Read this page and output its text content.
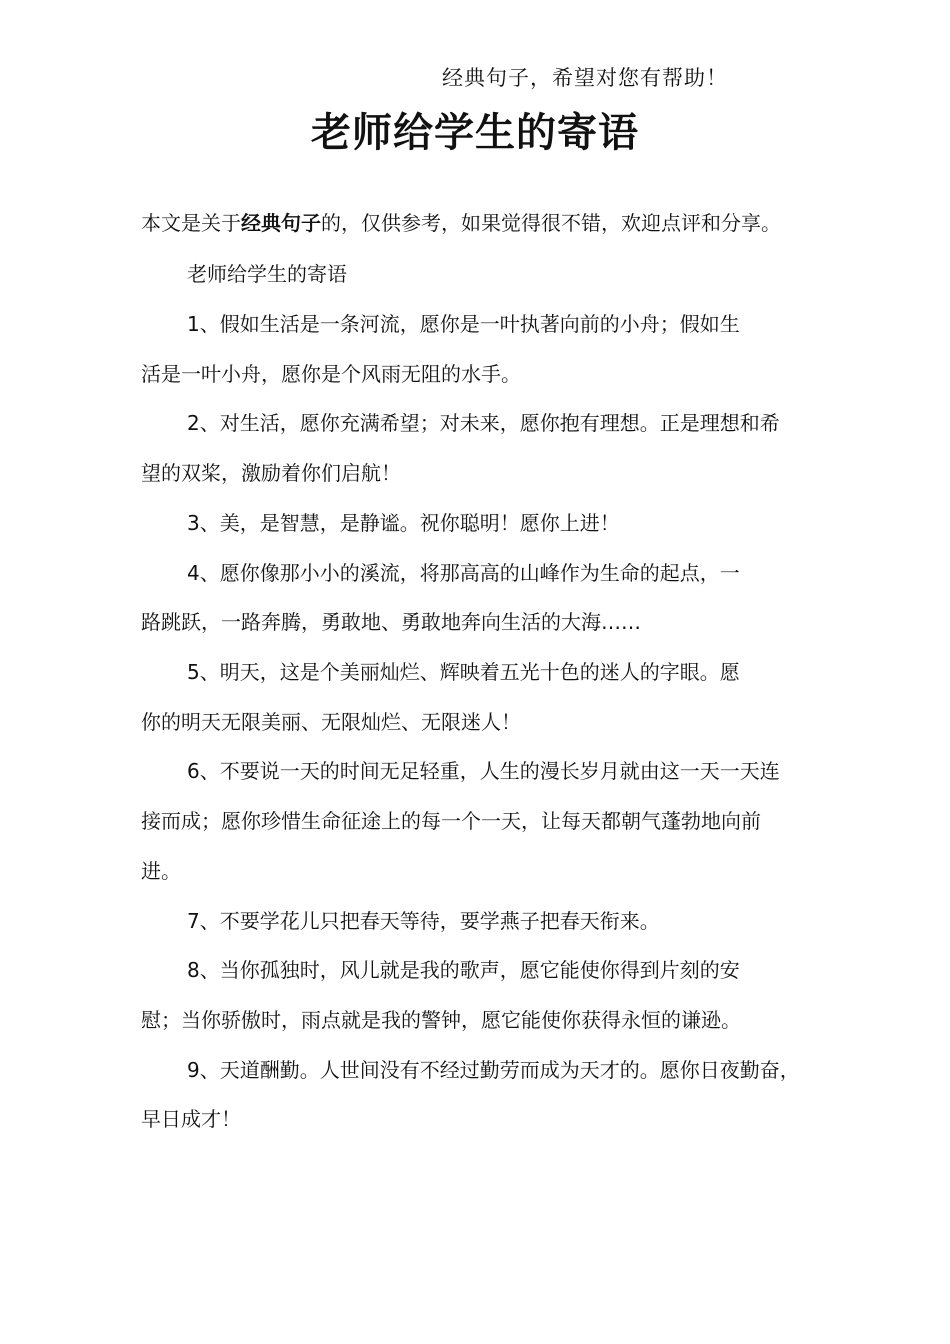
经典句子，希望对您有帮助！
老师给学生的寄语
本文是关于经典句子的，仅供参考，如果觉得很不错，欢迎点评和分享。
老师给学生的寄语
1、假如生活是一条河流，愿你是一叶执著向前的小舟；假如生
活是一叶小舟，愿你是个风雨无阻的水手。
2、对生活，愿你充满希望；对未来，愿你抱有理想。正是理想和希
望的双桨，激励着你们启航！
3、美，是智慧，是静谧。祝你聪明！愿你上进！
4、愿你像那小小的溪流，将那高高的山峰作为生命的起点，一
路跳跃，一路奔腾，勇敢地、勇敢地奔向生活的大海……
5、明天，这是个美丽灿烂、辉映着五光十色的迷人的字眼。愿
你的明天无限美丽、无限灿烂、无限迷人！
6、不要说一天的时间无足轻重，人生的漫长岁月就由这一天一天连
接而成；愿你珍惜生命征途上的每一个一天，让每天都朝气蓬勃地向前
进。
7、不要学花儿只把春天等待，要学燕子把春天衔来。
8、当你孤独时，风儿就是我的歌声，愿它能使你得到片刻的安
慰；当你骄傲时，雨点就是我的警钟，愿它能使你获得永恒的谦逊。
9、天道酬勤。人世间没有不经过勤劳而成为天才的。愿你日夜勤奋，
早日成才！
